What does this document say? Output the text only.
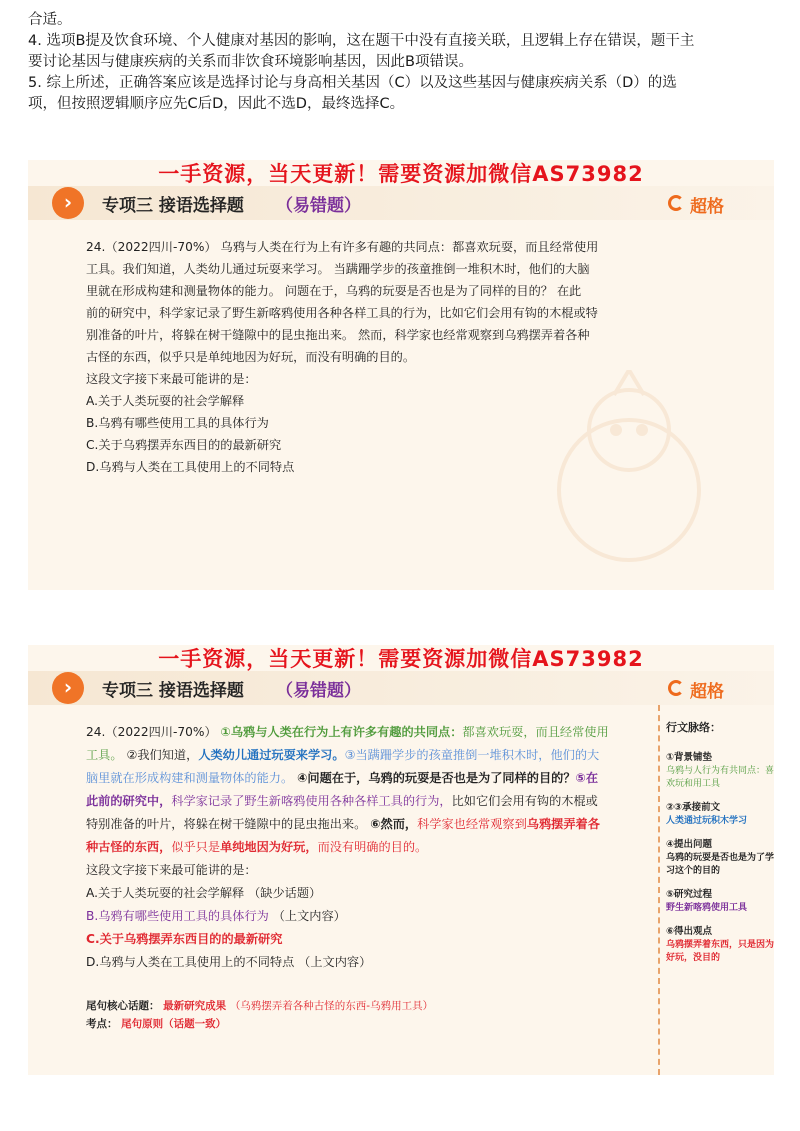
合适。

4. 选项B提及饮食环境、个人健康对基因的影响，这在题干中没有直接关联，且逻辑上存在错误，题干主

要讨论基因与健康疾病的关系而非饮食环境影响基因，因此B项错误。

5. 综上所述，正确答案应该是选择讨论与身高相关基因（C）以及这些基因与健康疾病关系（D）的选

项，但按照逻辑顺序应先C后D，因此不选D，最终选择C。

一手资源，当天更新！需要资源加微信AS73982
›	专项三 接语选择题 （易错题）	超格
24.（2022四川-70%） 乌鸦与人类在行为上有许多有趣的共同点：都喜欢玩耍，而且经常使用
工具。我们知道，人类幼儿通过玩耍来学习。 当蹒跚学步的孩童推倒一堆积木时，他们的大脑
里就在形成构建和测量物体的能力。 问题在于，乌鸦的玩耍是否也是为了同样的目的？ 在此
前的研究中，科学家记录了野生新喀鸦使用各种各样工具的行为，比如它们会用有钩的木棍或特
别准备的叶片，将躲在树干缝隙中的昆虫拖出来。 然而，科学家也经常观察到乌鸦摆弄着各种
古怪的东西，似乎只是单纯地因为好玩，而没有明确的目的。
这段文字接下来最可能讲的是：
A.关于人类玩耍的社会学解释
B.乌鸦有哪些使用工具的具体行为
C.关于乌鸦摆弄东西目的的最新研究
D.乌鸦与人类在工具使用上的不同特点
一手资源，当天更新！需要资源加微信AS73982
›	专项三 接语选择题 （易错题）	超格
24.（2022四川-70%） ①乌鸦与人类在行为上有许多有趣的共同点：都喜欢玩耍，而且经常使用
工具。 ②我们知道，人类幼儿通过玩耍来学习。③当蹒跚学步的孩童推倒一堆积木时，他们的大
脑里就在形成构建和测量物体的能力。 ④问题在于，乌鸦的玩耍是否也是为了同样的目的？⑤在
此前的研究中，科学家记录了野生新喀鸦使用各种各样工具的行为，比如它们会用有钩的木棍或
特别准备的叶片，将躲在树干缝隙中的昆虫拖出来。 ⑥然而，科学家也经常观察到乌鸦摆弄着各
种古怪的东西，似乎只是单纯地因为好玩，而没有明确的目的。
这段文字接下来最可能讲的是：
A.关于人类玩耍的社会学解释 （缺少话题）
B.乌鸦有哪些使用工具的具体行为 （上文内容）
C.关于乌鸦摆弄东西目的的最新研究
D.乌鸦与人类在工具使用上的不同特点 （上文内容）
尾句核心话题： 最新研究成果 （乌鸦摆弄着各种古怪的东西-乌鸦用工具）
考点： 尾句原则（话题一致）
行文脉络：
①背景铺垫
乌鸦与人行为有共同点：喜欢玩和用工具
②③承接前文
人类通过玩积木学习
④提出问题
乌鸦的玩耍是否也是为了学习这个的目的
⑤研究过程
野生新喀鸦使用工具
⑥得出观点
乌鸦摆弄着东西，只是因为好玩，没目的
